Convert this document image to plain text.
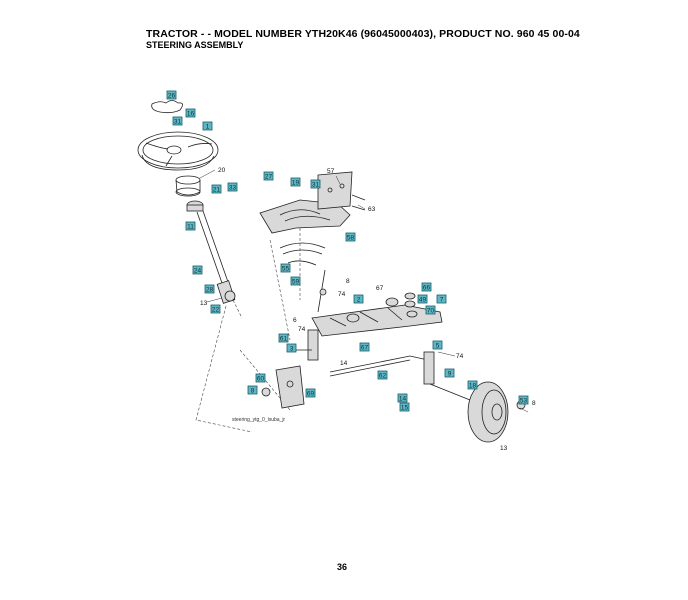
TRACTOR - - MODEL NUMBER YTH20K46 (96045000403), PRODUCT NO. 960 45 00-04
STEERING ASSEMBLY
steering_ytg_0_lsuba_jr
26
16
31
1
21
11
33
27
19 31
58
55
59
24
28
22
2
66
49 7
70
61
3	67	5
62
60
69
8
9
18
14
15
53
20	57
63
13
8
74
67
6
74
14
74
8
13
36
